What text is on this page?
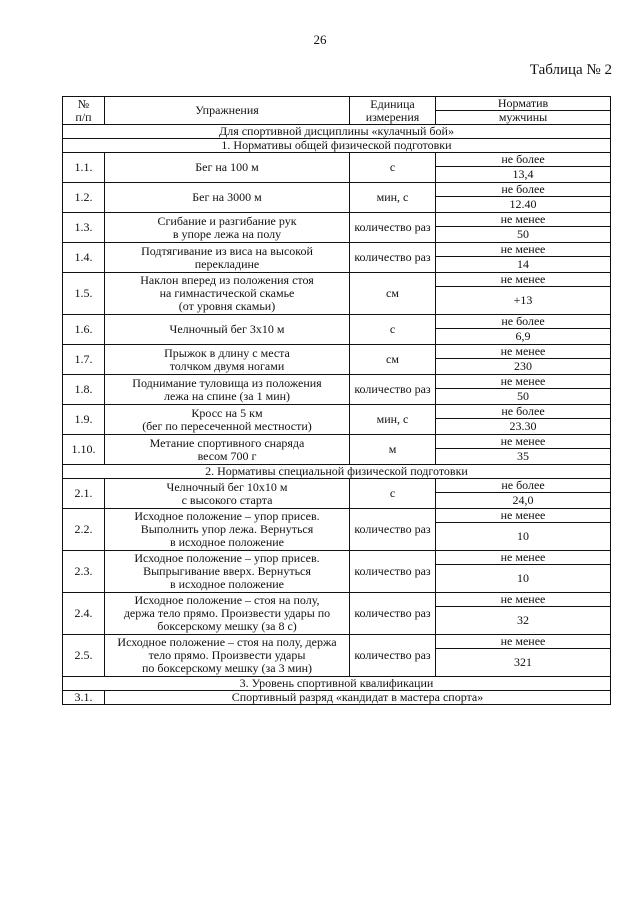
26
Таблица № 2
№
п/п	Упражнения	Единица
измерения	Норматив
			мужчины
Для спортивной дисциплины «кулачный бой»			
1. Нормативы общей физической подготовки			
1.1.	Бег на 100 м	с	не более
			13,4
1.2.	Бег на 3000 м	мин, с	не более
			12.40
1.3.	Сгибание и разгибание рук
в упоре лежа на полу	количество раз	не менее
			50
1.4.	Подтягивание из виса на высокой
перекладине	количество раз	не менее
			14
1.5.	Наклон вперед из положения стоя
на гимнастической скамье
(от уровня скамьи)	см	не менее
			+13
1.6.	Челночный бег 3x10 м	с	не более
			6,9
1.7.	Прыжок в длину с места
толчком двумя ногами	см	не менее
			230
1.8.	Поднимание туловища из положения
лежа на спине (за 1 мин)	количество раз	не менее
			50
1.9.	Кросс на 5 км
(бег по пересеченной местности)	мин, с	не более
			23.30
1.10.	Метание спортивного снаряда
весом 700 г	м	не менее
			35
2. Нормативы специальной физической подготовки			
2.1.	Челночный бег 10x10 м
с высокого старта	с	не более
			24,0
2.2.	Исходное положение – упор присев.
Выполнить упор лежа. Вернуться
в исходное положение	количество раз	не менее
			10
2.3.	Исходное положение – упор присев.
Выпрыгивание вверх. Вернуться
в исходное положение	количество раз	не менее
			10
2.4.	Исходное положение – стоя на полу,
держа тело прямо. Произвести удары по
боксерскому мешку (за 8 с)	количество раз	не менее
			32
2.5.	Исходное положение – стоя на полу, держа
тело прямо. Произвести удары
по боксерскому мешку (за 3 мин)	количество раз	не менее
			321
3. Уровень спортивной квалификации			
3.1.	Спортивный разряд «кандидат в мастера спорта»		
